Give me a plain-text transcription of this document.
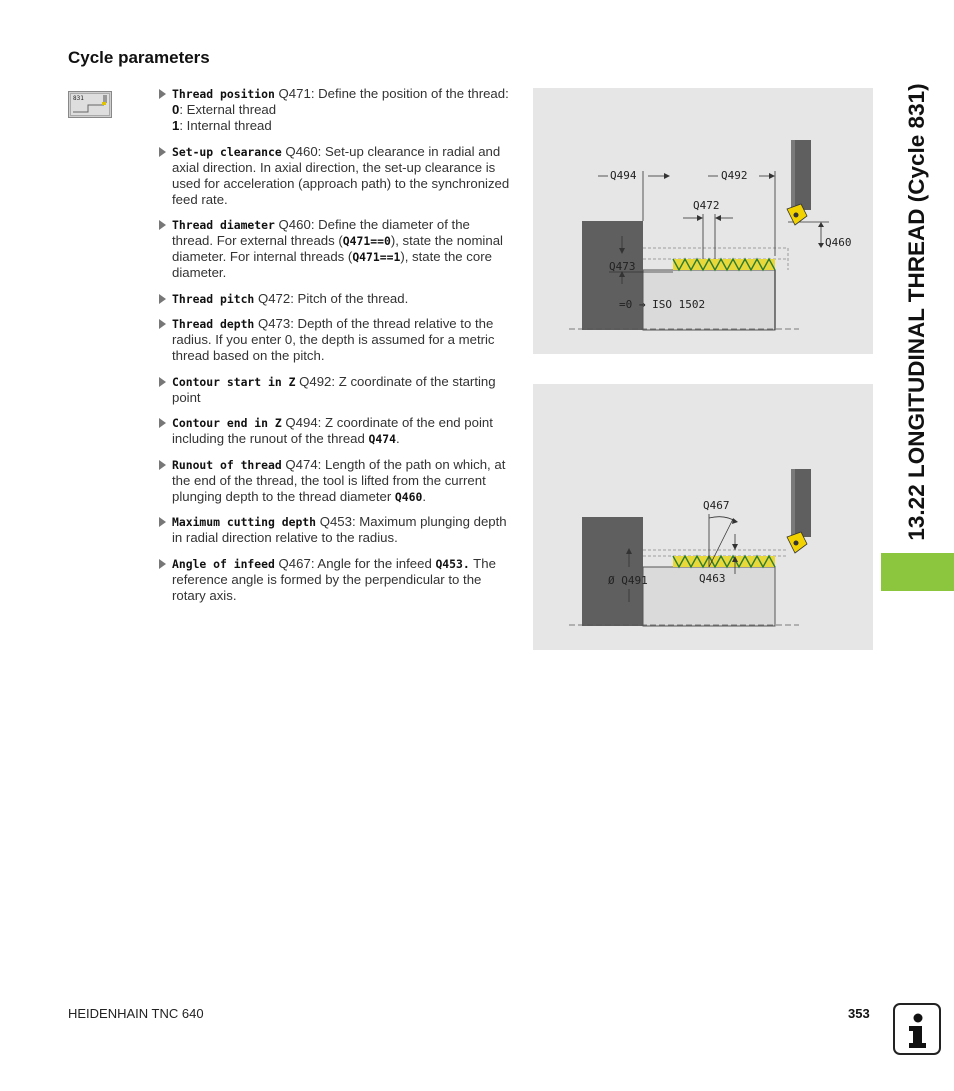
Cycle parameters
831	Thread position Q471: Define the position of the thread:
0: External thread
1: Internal thread
Set-up clearance Q460: Set-up clearance in radial and axial direction. In axial direction, the set-up clearance is used for acceleration (approach path) to the synchronized feed rate.
Thread diameter Q460: Define the diameter of the thread. For external threads (Q471==0), state the nominal diameter. For internal threads (Q471==1), state the core diameter.
Thread pitch Q472: Pitch of the thread.
Thread depth Q473: Depth of the thread relative to the radius. If you enter 0, the depth is assumed for a metric thread based on the pitch.
Contour start in Z Q492: Z coordinate of the starting point
Contour end in Z Q494: Z coordinate of the end point including the runout of the thread Q474.
Runout of thread Q474: Length of the path on which, at the end of the thread, the tool is lifted from the current plunging depth to the thread diameter Q460.
Maximum cutting depth Q453: Maximum plunging depth in radial direction relative to the radius.
Angle of infeed Q467: Angle for the infeed Q453. The reference angle is formed by the perpendicular to the rotary axis.
Q494	Q492
Q472
Q460
Q473
=0 → ISO 1502
Q467
Q463
Ø Q491
13.22 LONGITUDINAL THREAD (Cycle 831)
HEIDENHAIN TNC 640	353
